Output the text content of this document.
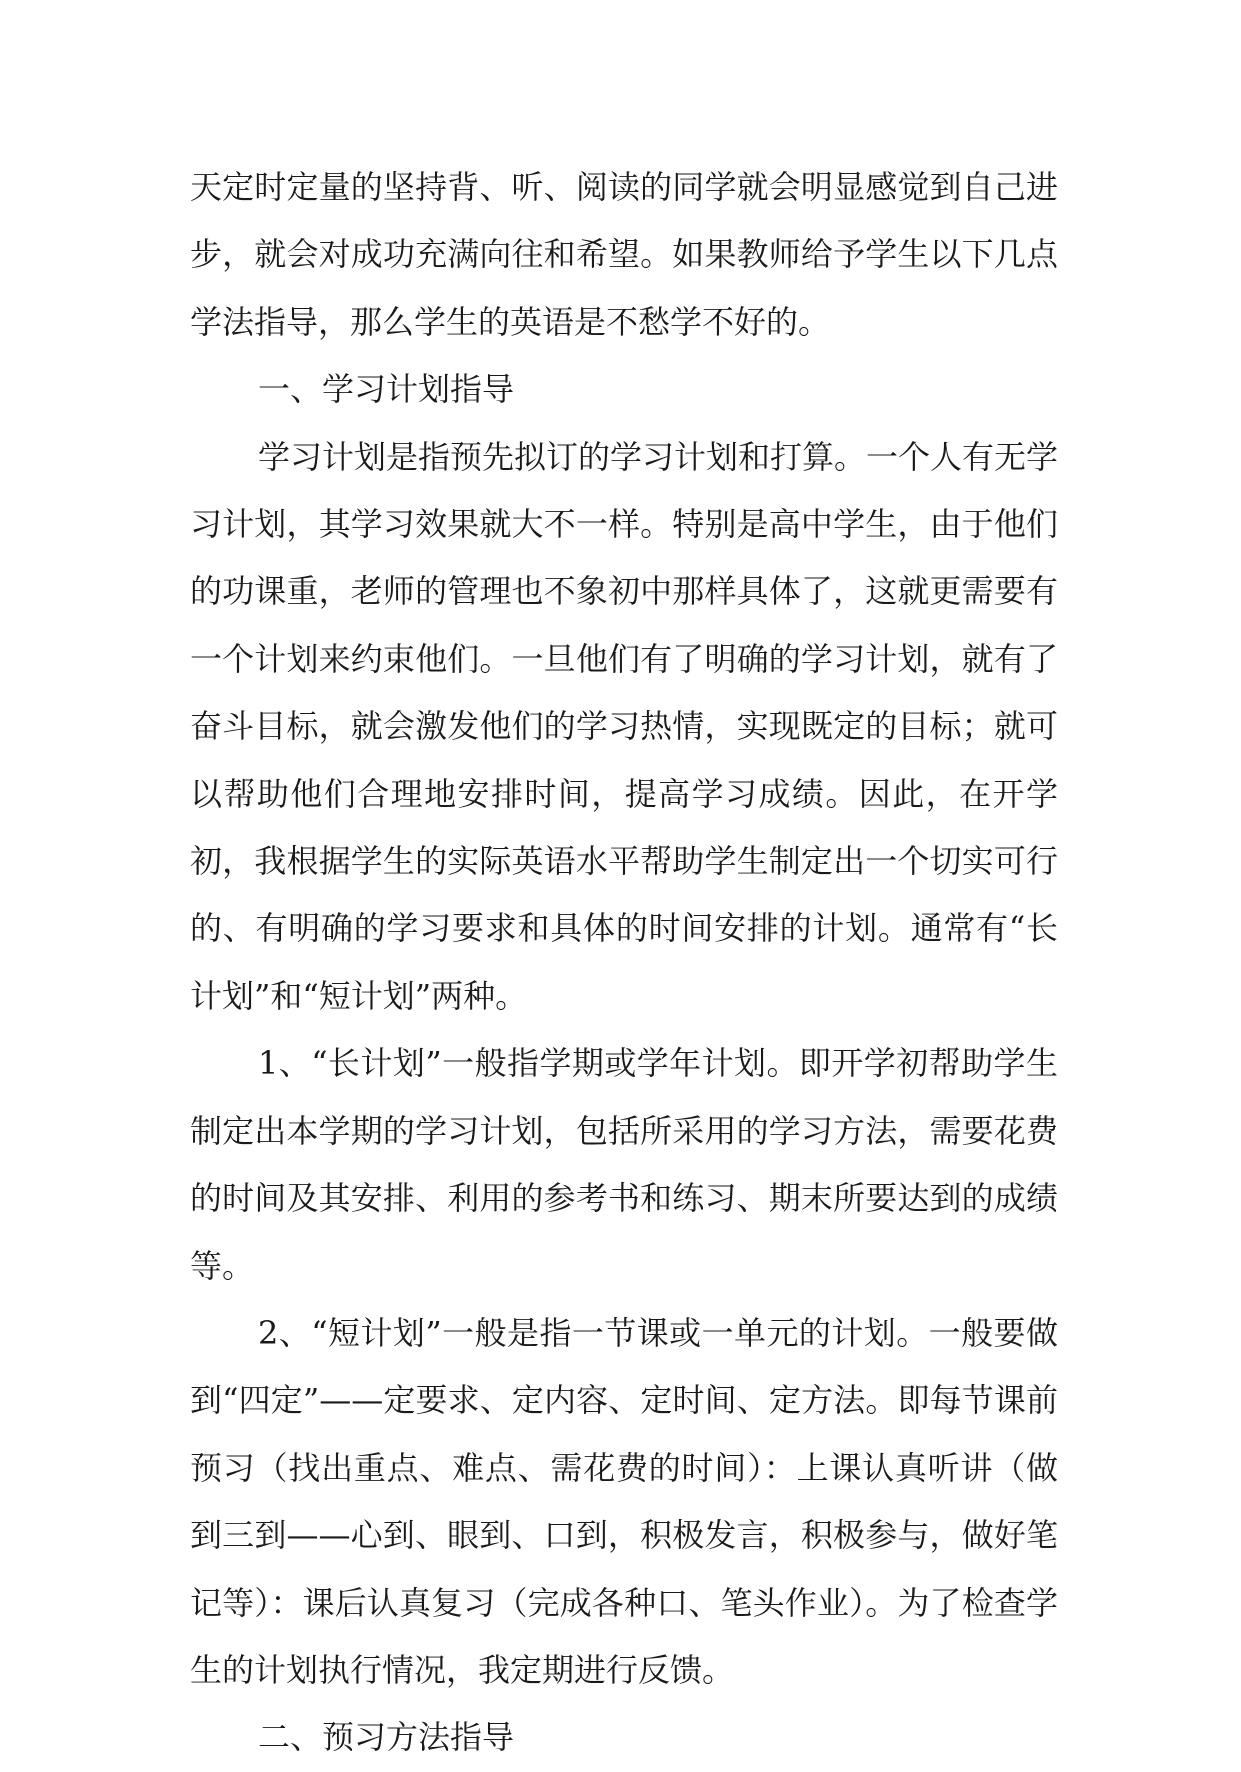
天定时定量的坚持背、听、阅读的同学就会明显感觉到自己进步，就会对成功充满向往和希望。如果教师给予学生以下几点学法指导，那么学生的英语是不愁学不好的。

一、学习计划指导

学习计划是指预先拟订的学习计划和打算。一个人有无学习计划，其学习效果就大不一样。特别是高中学生，由于他们的功课重，老师的管理也不象初中那样具体了，这就更需要有一个计划来约束他们。一旦他们有了明确的学习计划，就有了奋斗目标，就会激发他们的学习热情，实现既定的目标；就可以帮助他们合理地安排时间，提高学习成绩。因此，在开学初，我根据学生的实际英语水平帮助学生制定出一个切实可行的、有明确的学习要求和具体的时间安排的计划。通常有“长计划”和“短计划”两种。

1、“长计划”一般指学期或学年计划。即开学初帮助学生制定出本学期的学习计划，包括所采用的学习方法，需要花费的时间及其安排、利用的参考书和练习、期末所要达到的成绩等。

2、“短计划”一般是指一节课或一单元的计划。一般要做到“四定”——定要求、定内容、定时间、定方法。即每节课前预习（找出重点、难点、需花费的时间）：上课认真听讲（做到三到——心到、眼到、口到，积极发言，积极参与，做好笔记等）：课后认真复习（完成各种口、笔头作业）。为了检查学生的计划执行情况，我定期进行反馈。

二、预习方法指导
